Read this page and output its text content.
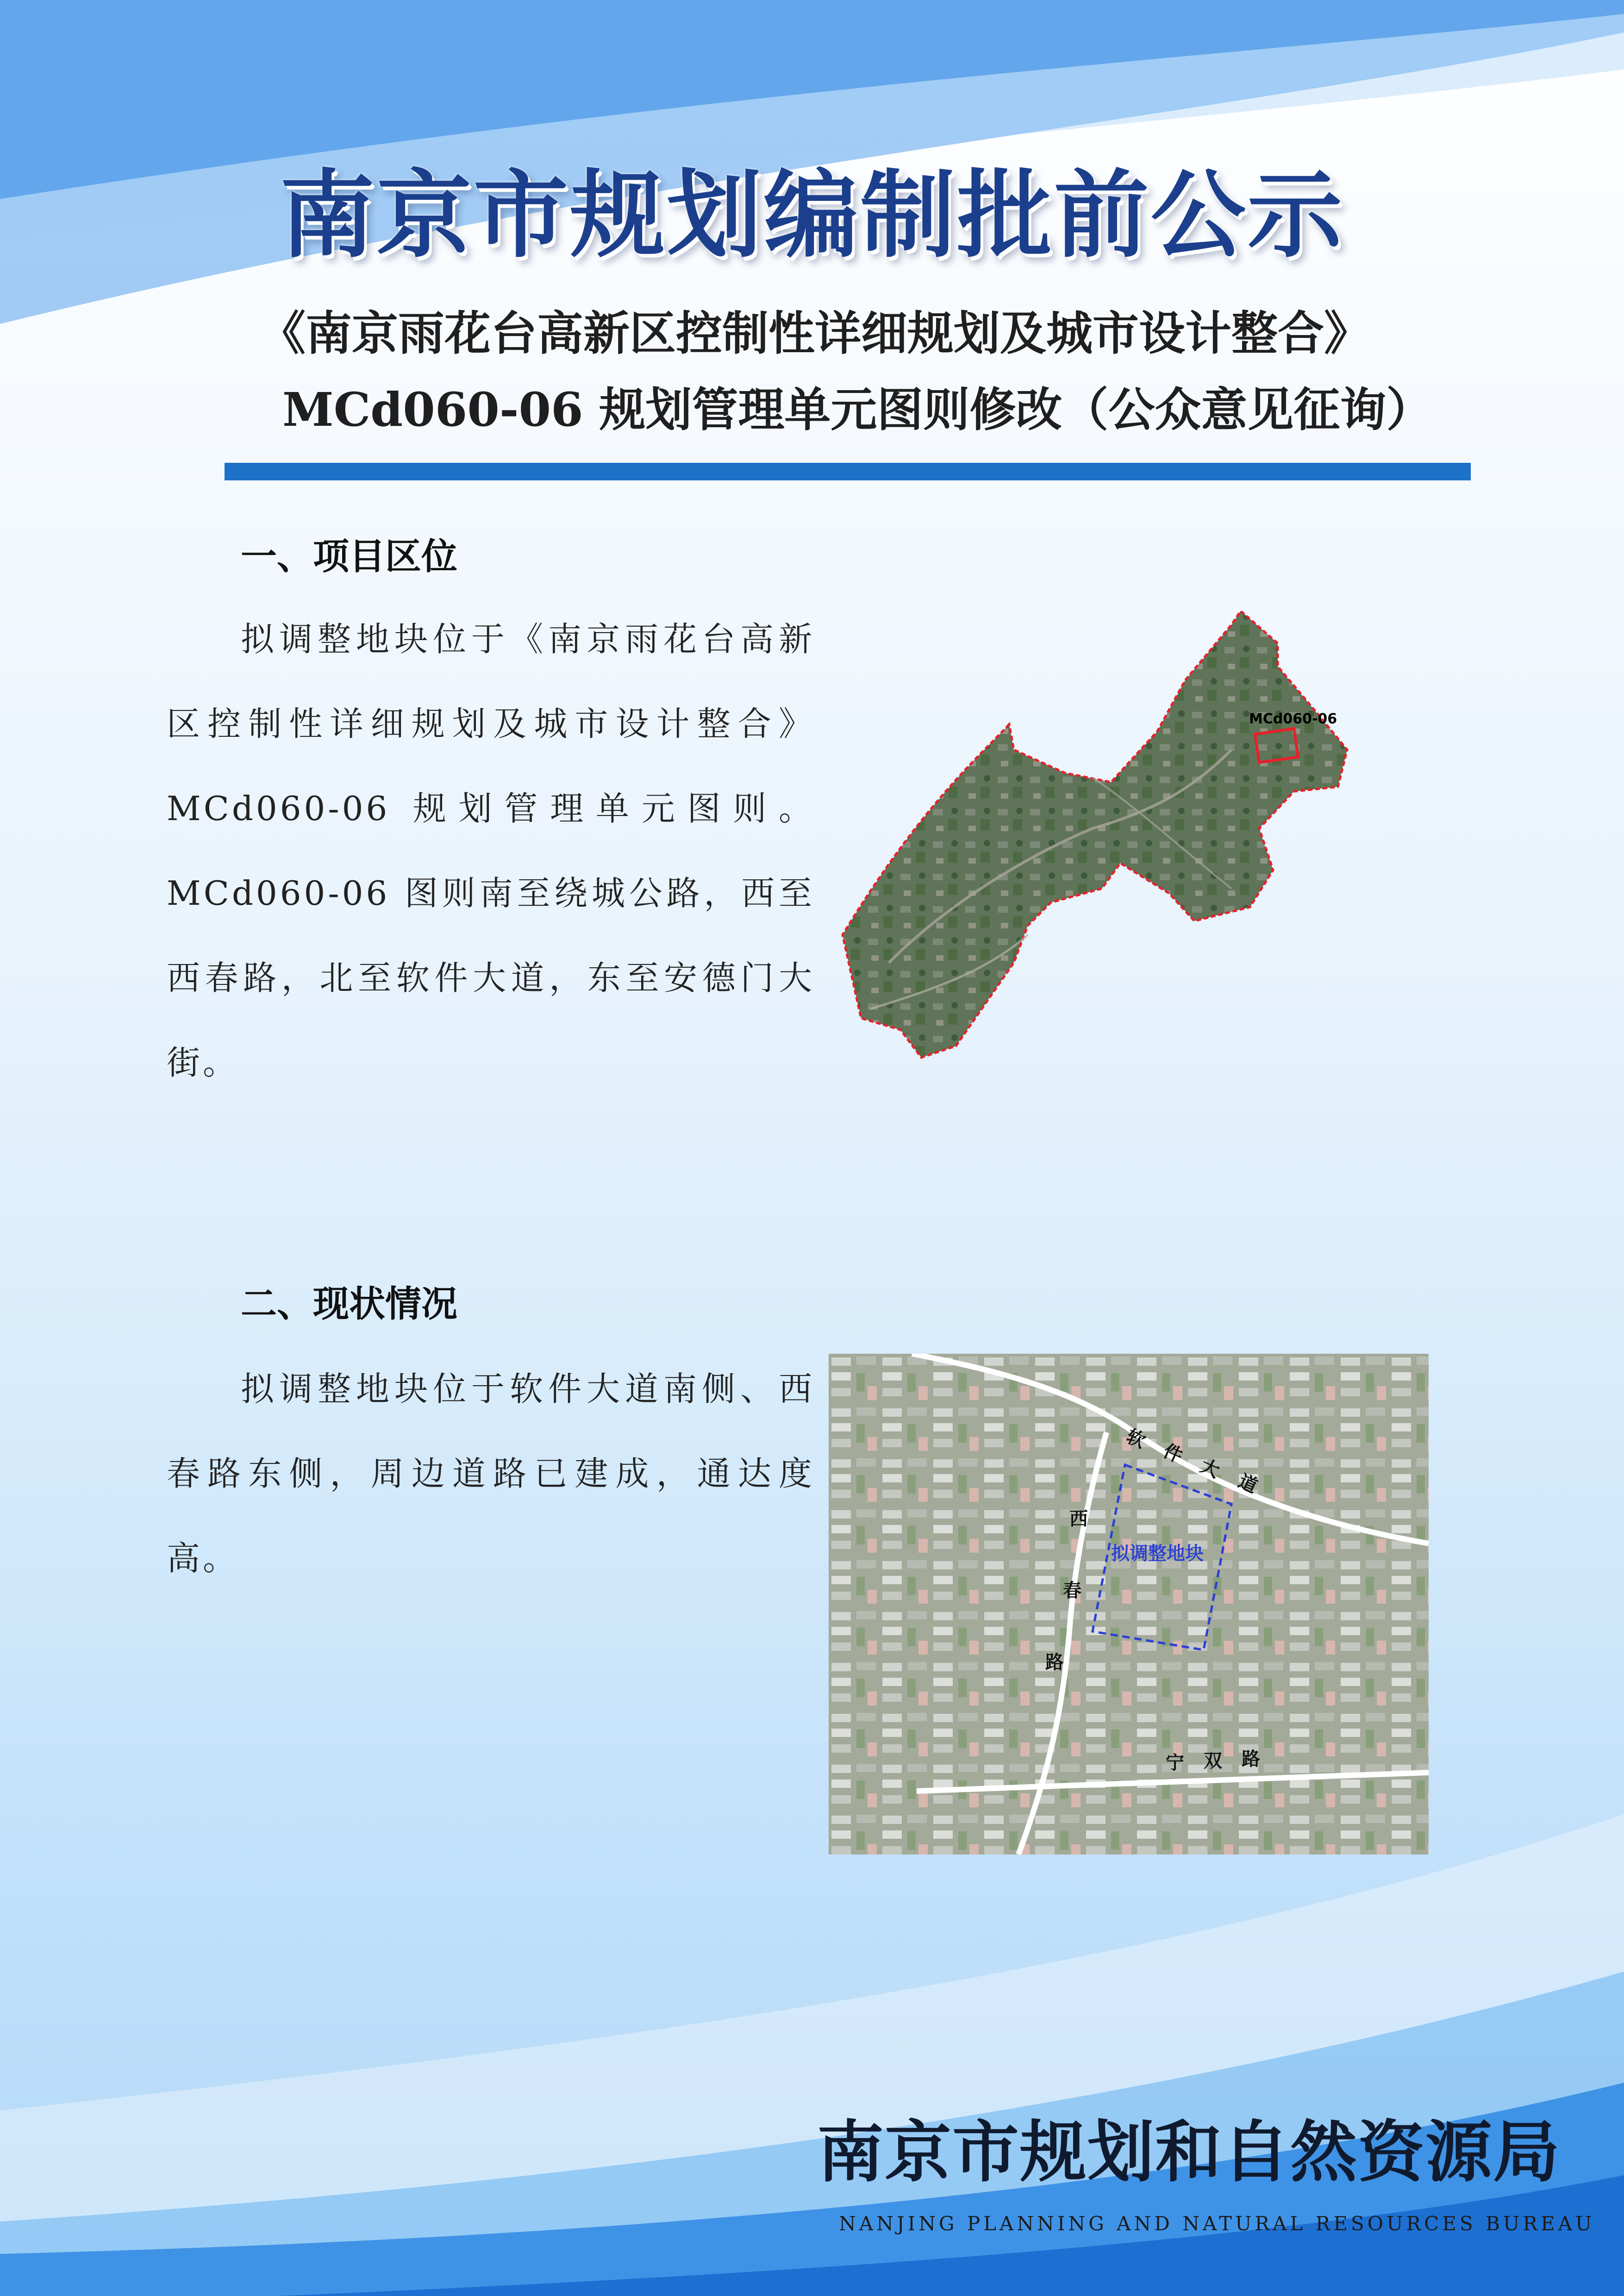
南京市规划编制批前公示
《南京雨花台高新区控制性详细规划及城市设计整合》
MCd060-06 规划管理单元图则修改（公众意见征询）
一、项目区位
拟调整地块位于《南京雨花台高新区控制性详细规划及城市设计整合》MCd060-06 规划管理单元图则。MCd060-06 图则南至绕城公路，西至西春路，北至软件大道，东至安德门大街。
MCd060-06
二、现状情况
拟调整地块位于软件大道南侧、西春路东侧，周边道路已建成，通达度高。	拟调整地块
软
件
大
道
西
春
路
宁 双 路
南京市规划和自然资源局
NANJING PLANNING AND NATURAL RESOURCES BUREAU
